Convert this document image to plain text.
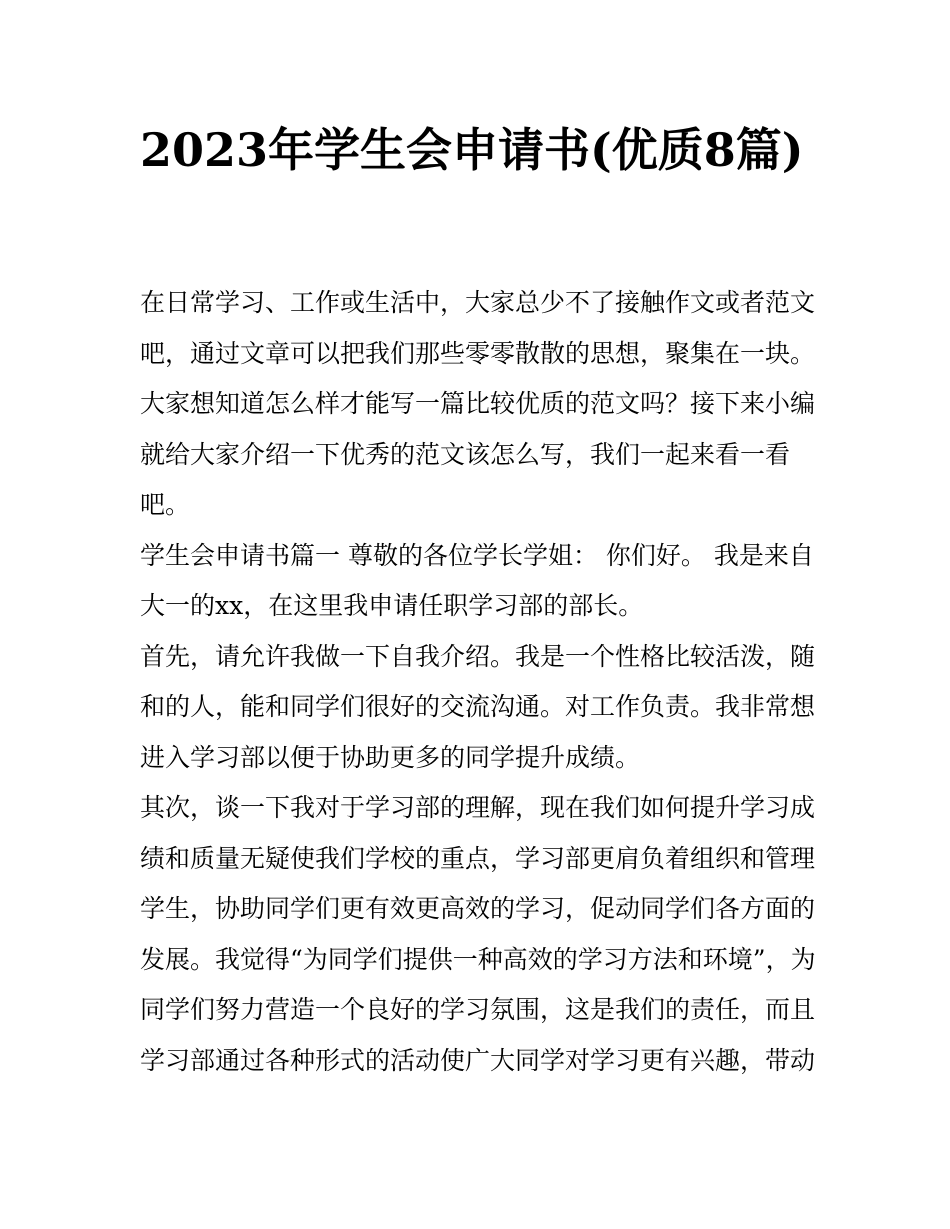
2023年学生会申请书(优质8篇)

在日常学习、工作或生活中，大家总少不了接触作文或者范文吧，通过文章可以把我们那些零零散散的思想，聚集在一块。大家想知道怎么样才能写一篇比较优质的范文吗？接下来小编就给大家介绍一下优秀的范文该怎么写，我们一起来看一看吧。

学生会申请书篇一 尊敬的各位学长学姐： 你们好。 我是来自大一的xx，在这里我申请任职学习部的部长。

首先，请允许我做一下自我介绍。我是一个性格比较活泼，随和的人，能和同学们很好的交流沟通。对工作负责。我非常想进入学习部以便于协助更多的同学提升成绩。

其次，谈一下我对于学习部的理解，现在我们如何提升学习成绩和质量无疑使我们学校的重点，学习部更肩负着组织和管理学生，协助同学们更有效更高效的学习，促动同学们各方面的发展。我觉得“为同学们提供一种高效的学习方法和环境”，为同学们努力营造一个良好的学习氛围，这是我们的责任，而且学习部通过各种形式的活动使广大同学对学习更有兴趣，带动
